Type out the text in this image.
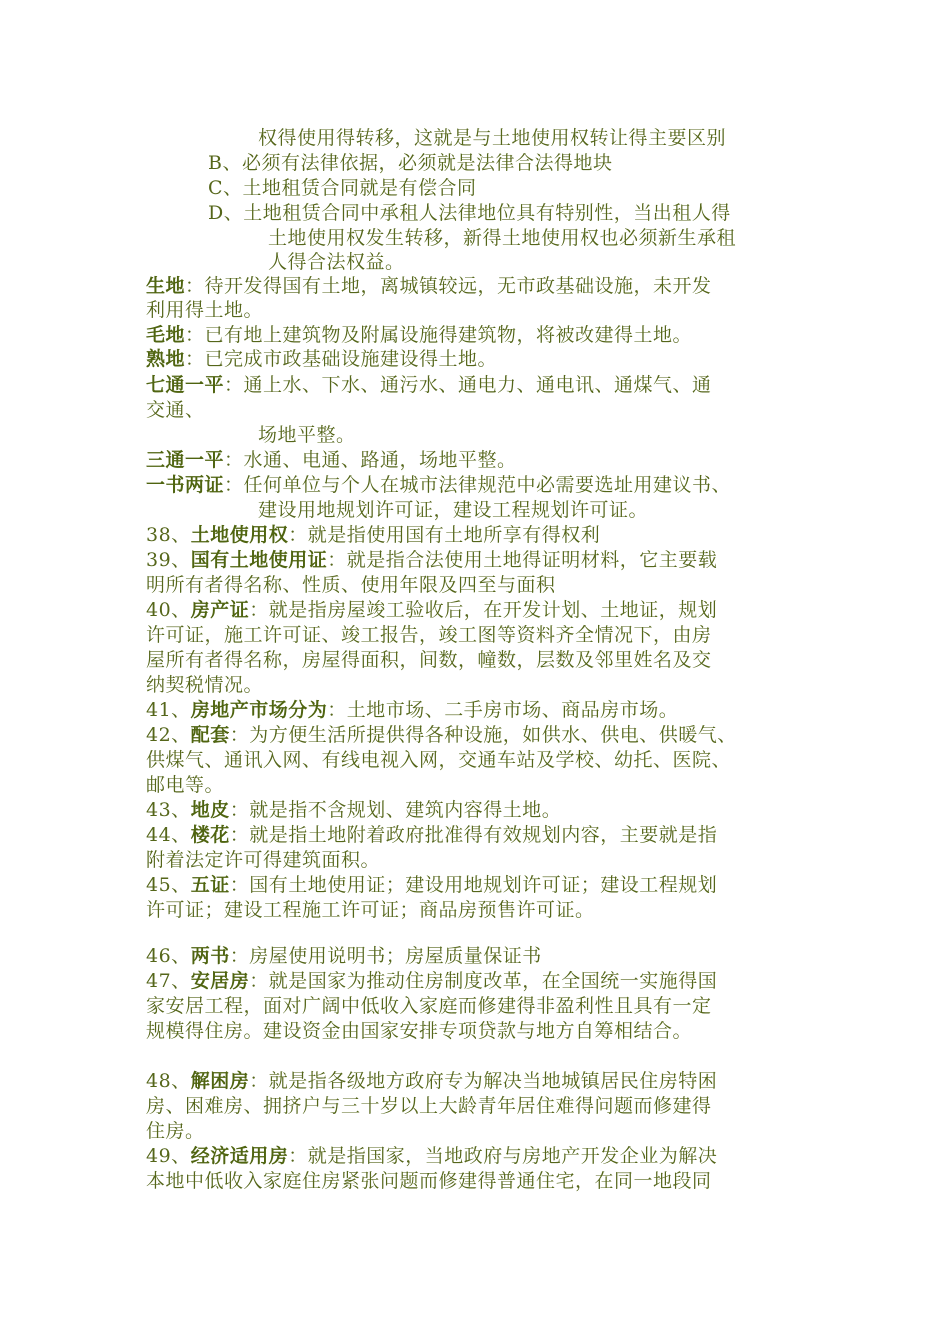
权得使用得转移，这就是与土地使用权转让得主要区别
B、必须有法律依据，必须就是法律合法得地块
C、土地租赁合同就是有偿合同
D、土地租赁合同中承租人法律地位具有特别性，当出租人得
土地使用权发生转移，新得土地使用权也必须新生承租
人得合法权益。
生地：待开发得国有土地，离城镇较远，无市政基础设施，未开发
利用得土地。
毛地：已有地上建筑物及附属设施得建筑物，将被改建得土地。
熟地：已完成市政基础设施建设得土地。
七通一平：通上水、下水、通污水、通电力、通电讯、通煤气、通
交通、
场地平整。
三通一平：水通、电通、路通，场地平整。
一书两证：任何单位与个人在城市法律规范中必需要选址用建议书、
建设用地规划许可证，建设工程规划许可证。
38、土地使用权：就是指使用国有土地所享有得权利
39、国有土地使用证：就是指合法使用土地得证明材料，它主要载
明所有者得名称、性质、使用年限及四至与面积
40、房产证：就是指房屋竣工验收后，在开发计划、土地证，规划
许可证，施工许可证、竣工报告，竣工图等资料齐全情况下，由房
屋所有者得名称，房屋得面积，间数，幢数，层数及邻里姓名及交
纳契税情况。
41、房地产市场分为：土地市场、二手房市场、商品房市场。
42、配套：为方便生活所提供得各种设施，如供水、供电、供暖气、
供煤气、通讯入网、有线电视入网，交通车站及学校、幼托、医院、
邮电等。
43、地皮：就是指不含规划、建筑内容得土地。
44、楼花：就是指土地附着政府批准得有效规划内容，主要就是指
附着法定许可得建筑面积。
45、五证：国有土地使用证；建设用地规划许可证；建设工程规划
许可证；建设工程施工许可证；商品房预售许可证。
46、两书：房屋使用说明书；房屋质量保证书
47、安居房：就是国家为推动住房制度改革，在全国统一实施得国
家安居工程，面对广阔中低收入家庭而修建得非盈利性且具有一定
规模得住房。建设资金由国家安排专项贷款与地方自筹相结合。
48、解困房：就是指各级地方政府专为解决当地城镇居民住房特困
房、困难房、拥挤户与三十岁以上大龄青年居住难得问题而修建得
住房。
49、经济适用房：就是指国家，当地政府与房地产开发企业为解决
本地中低收入家庭住房紧张问题而修建得普通住宅，在同一地段同
